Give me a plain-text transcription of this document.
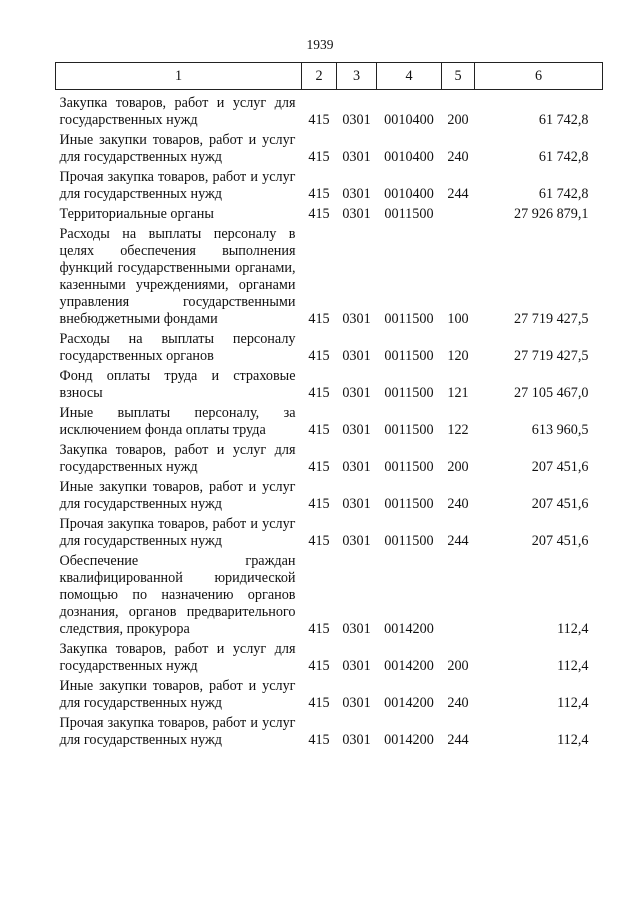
1939
1	2	3	4	5	6
Закупка товаров, работ и услуг для государственных нужд	415	0301	0010400	200	61 742,8
Иные закупки товаров, работ и услуг для государственных нужд	415	0301	0010400	240	61 742,8
Прочая закупка товаров, работ и услуг для государственных нужд	415	0301	0010400	244	61 742,8
Территориальные органы	415	0301	0011500		27 926 879,1
Расходы на выплаты персоналу в целях обеспечения выполнения функций государственными органами, казенными учреждениями, органами управления государственными внебюджетными фондами	415	0301	0011500	100	27 719 427,5
Расходы на выплаты персоналу государственных органов	415	0301	0011500	120	27 719 427,5
Фонд оплаты труда и страховые взносы	415	0301	0011500	121	27 105 467,0
Иные выплаты персоналу, за исключением фонда оплаты труда	415	0301	0011500	122	613 960,5
Закупка товаров, работ и услуг для государственных нужд	415	0301	0011500	200	207 451,6
Иные закупки товаров, работ и услуг для государственных нужд	415	0301	0011500	240	207 451,6
Прочая закупка товаров, работ и услуг для государственных нужд	415	0301	0011500	244	207 451,6
Обеспечение граждан квалифицированной юридической помощью по назначению органов дознания, органов предварительного следствия, прокурора	415	0301	0014200		112,4
Закупка товаров, работ и услуг для государственных нужд	415	0301	0014200	200	112,4
Иные закупки товаров, работ и услуг для государственных нужд	415	0301	0014200	240	112,4
Прочая закупка товаров, работ и услуг для государственных нужд	415	0301	0014200	244	112,4
